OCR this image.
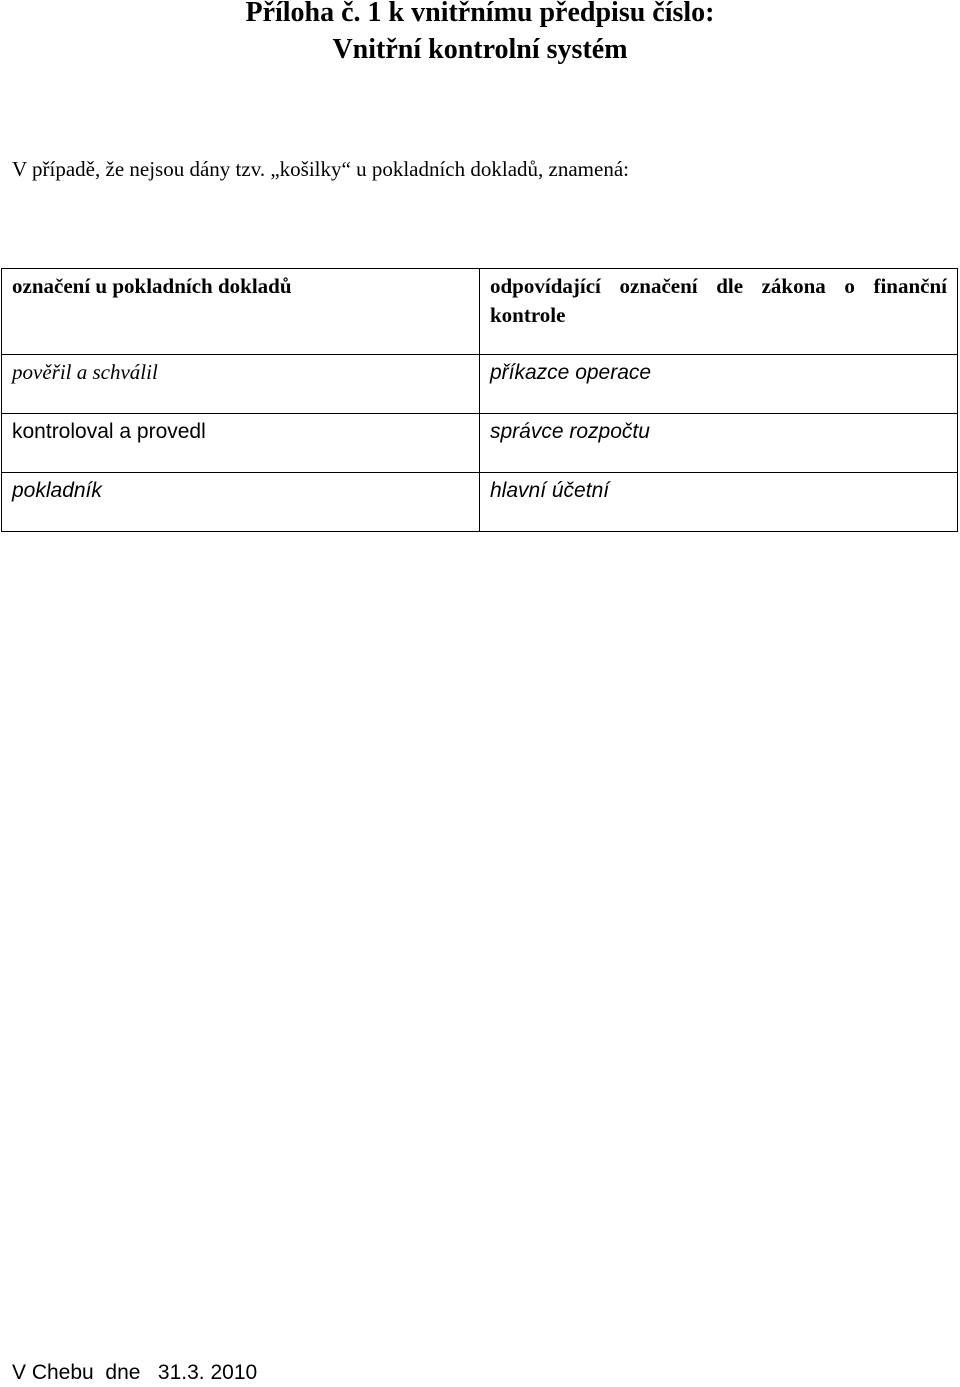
Příloha č. 1 k vnitřnímu předpisu číslo:
Vnitřní kontrolní systém
V případě, že nejsou dány tzv. „košilky“ u pokladních dokladů, znamená:
označení u pokladních dokladů	odpovídající označení dle zákona o finanční kontrole
pověřil a schválil	příkazce operace
kontroloval a provedl	správce rozpočtu
pokladník	hlavní účetní
V Chebu  dne   31.3. 2010
